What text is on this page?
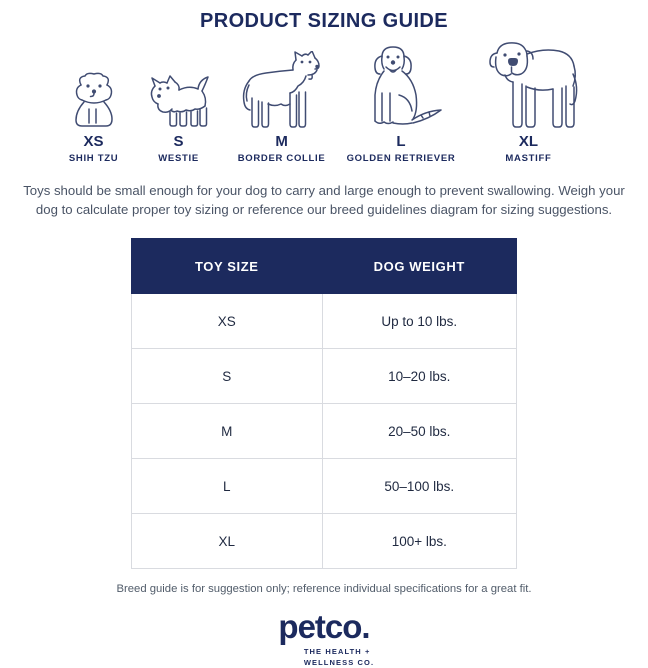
PRODUCT SIZING GUIDE
XS
SHIH TZU
S
WESTIE
M
BORDER COLLIE
L
GOLDEN RETRIEVER
XL
MASTIFF

Toys should be small enough for your dog to carry and large enough to prevent swallowing. Weigh your
dog to calculate proper toy sizing or reference our breed guidelines diagram for sizing suggestions.

TOY SIZE	DOG WEIGHT
XS	Up to 10 lbs.
S	10–20 lbs.
M	20–50 lbs.
L	50–100 lbs.
XL	100+ lbs.

Breed guide is for suggestion only; reference individual specifications for a great fit.

petco.
THE HEALTH +
WELLNESS CO.
